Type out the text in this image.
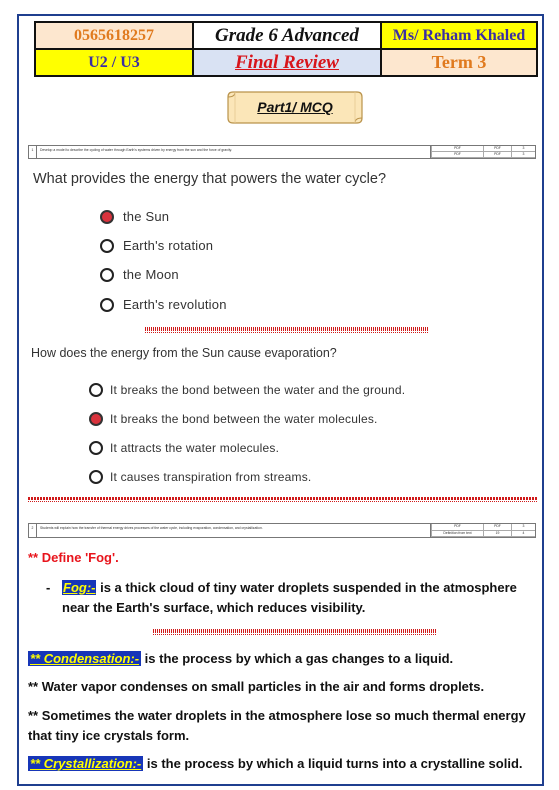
0565618257	Grade 6 Advanced	Ms/ Reham Khaled
U2 / U3	Final Review	Term 3
Part1/ MCQ
1	Develop a model to describe the cycling of water through Earth's systems driven by energy from the sun and the force of gravity.	PDF	PDF	3
PDF	PDF	3
What provides the energy that powers the water cycle?
the Sun
Earth's rotation
the Moon
Earth's revolution
How does the energy from the Sun cause evaporation?
It breaks the bond between the water and the ground.
It breaks the bond between the water molecules.
It attracts the water molecules.
It causes transpiration from streams.
2	Students will explain how the transfer of thermal energy drives processes of the water cycle, including evaporation, condensation, and crystallization.	PDF	PDF	3
Definition from text	19	4
** Define 'Fog'.
- Fog:- is a thick cloud of tiny water droplets suspended in the atmosphere near the Earth's surface, which reduces visibility.
** Condensation:- is the process by which a gas changes to a liquid.
** Water vapor condenses on small particles in the air and forms droplets.
** Sometimes the water droplets in the atmosphere lose so much thermal energy that tiny ice crystals form.
** Crystallization:- is the process by which a liquid turns into a crystalline solid.
